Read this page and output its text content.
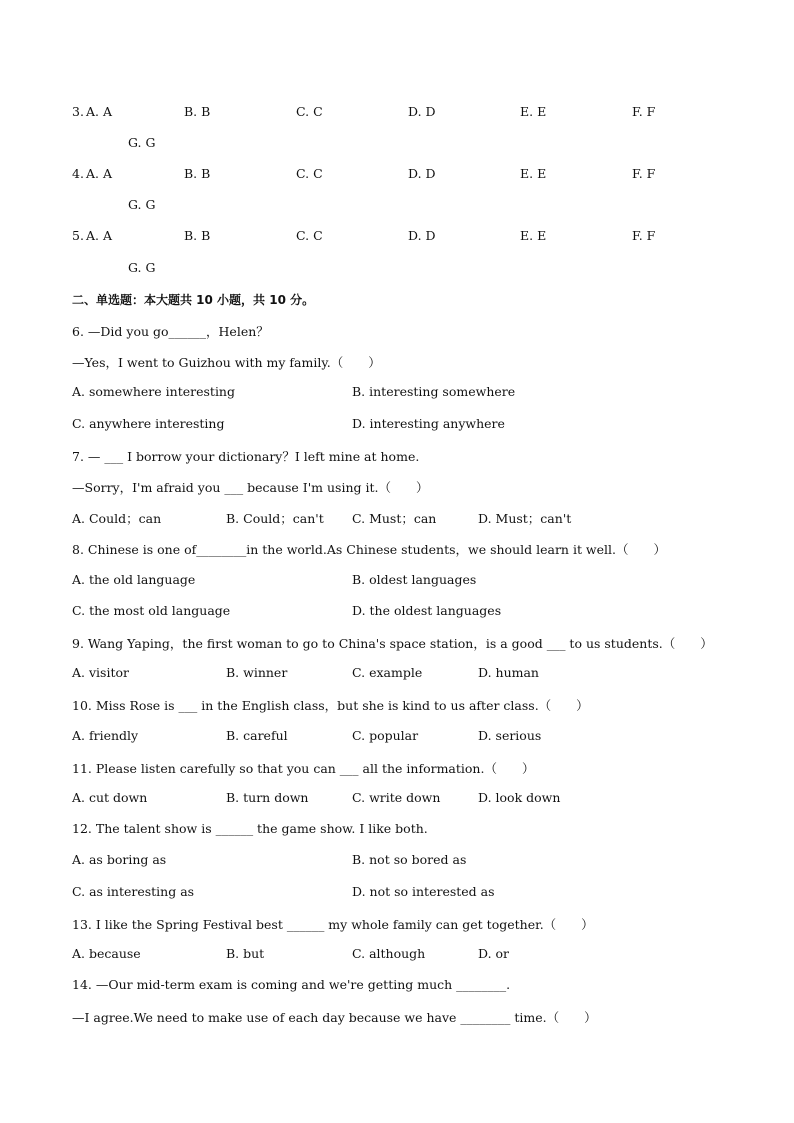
3.

A. A

	B. B

	C. C

	D. D

	E. E

	F. F

G. G

4.

A. A

	B. B

	C. C

	D. D

	E. E

	F. F

G. G

5.

A. A

	B. B

	C. C

	D. D

	E. E

	F. F

G. G

二、单选题：本大题共 10 小题，共 10 分。

6. —Did you go______，Helen？

—Yes，I went to Guizhou with my family.（　　）

A. somewhere interesting

	B. interesting somewhere

C. anywhere interesting

	D. interesting anywhere

7. — ___ I borrow your dictionary？I left mine at home.

—Sorry，I'm afraid you ___ because I'm using it.（　　）

A. Could；can

	B. Could；can't

C. Must；can

	D. Must；can't

8. Chinese is one of________in the world.As Chinese students，we should learn it well.（　　）

A. the old language

	B. oldest languages

C. the most old language

	D. the oldest languages

9. Wang Yaping，the first woman to go to China's space station，is a good ___ to us students.（　　）

A. visitor

	B. winner

	C. example

	D. human

10. Miss Rose is ___ in the English class，but she is kind to us after class.（　　）

A. friendly

	B. careful

	C. popular

	D. serious

11. Please listen carefully so that you can ___ all the information.（　　）

A. cut down

	B. turn down

	C. write down

	D. look down

12. The talent show is ______ the game show. I like both.

A. as boring as

	B. not so bored as

C. as interesting as

	D. not so interested as

13. I like the Spring Festival best ______ my whole family can get together.（　　）

A. because

	B. but

	C. although

	D. or

14. —Our mid-term exam is coming and we're getting much ________.

—I agree.We need to make use of each day because we have ________ time.（　　）
